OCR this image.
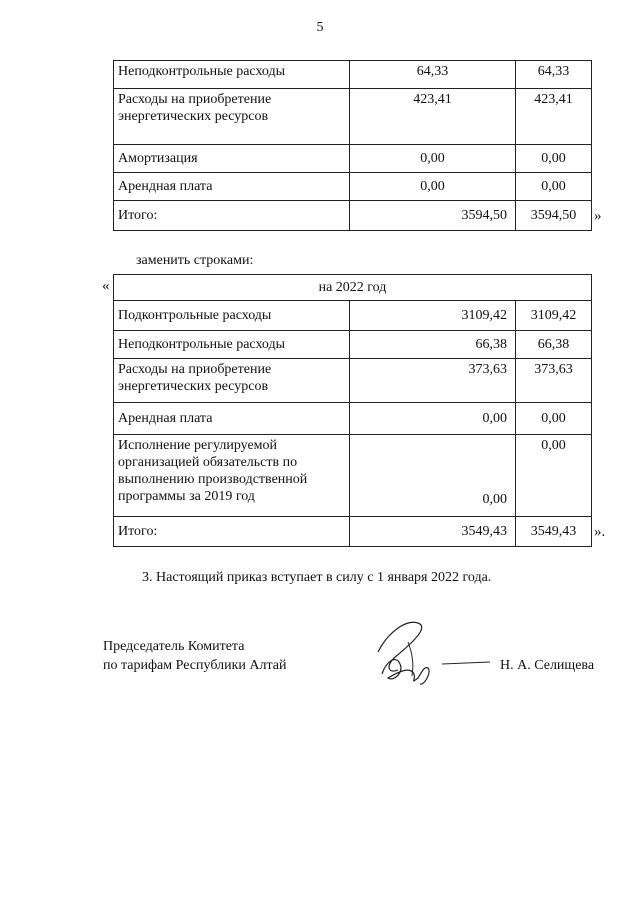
5
Неподконтрольные расходы	64,33	64,33
Расходы на приобретение энергетических ресурсов	423,41	423,41
Амортизация	0,00	0,00
Арендная плата	0,00	0,00
Итого:	3594,50	3594,50 »
заменить строками:
«	на 2022 год		
Подконтрольные расходы	3109,42	3109,42
Неподконтрольные расходы	66,38	66,38
Расходы на приобретение энергетических ресурсов	373,63	373,63
Арендная плата	0,00	0,00
Исполнение регулируемой организацией обязательств по выполнению производственной программы за 2019 год	0,00	0,00
Итого:	3549,43	3549,43 ».
3. Настоящий приказ вступает в силу с 1 января 2022 года.
Председатель Комитета
по тарифам Республики Алтай	Н. А. Селищева
